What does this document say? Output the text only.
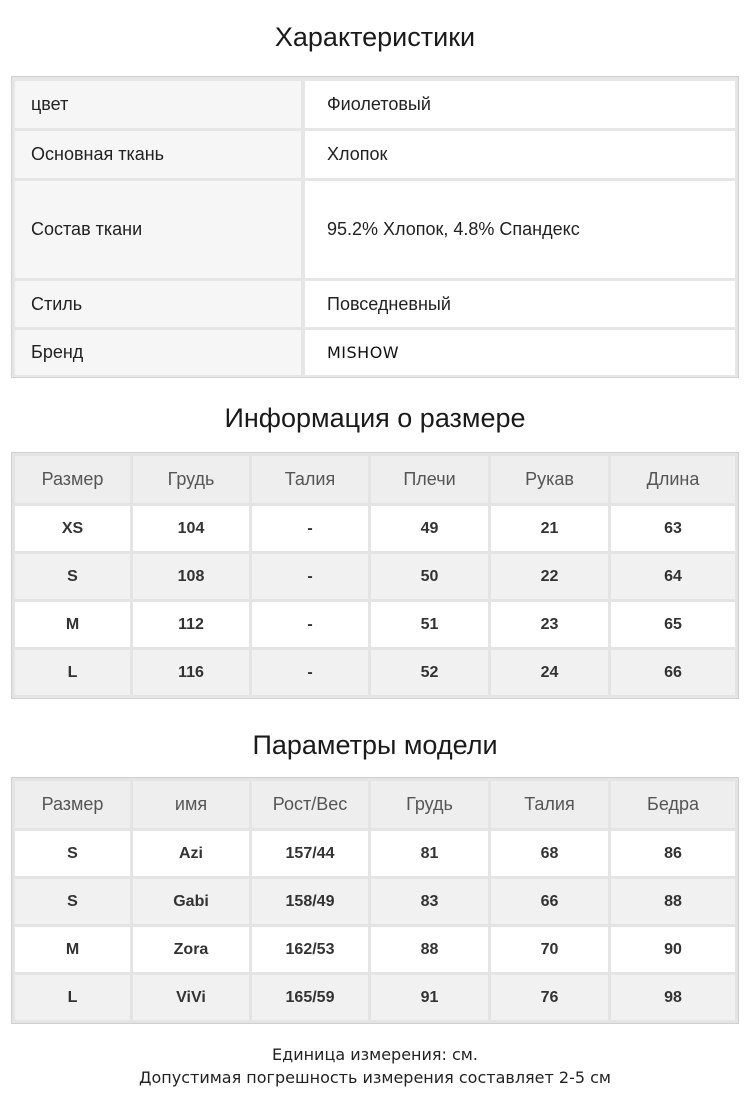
Характеристики
цвет	Фиолетовый
Основная ткань	Хлопок
Состав ткани	95.2% Хлопок, 4.8% Спандекс
Стиль	Повседневный
Бренд	MISHOW
Информация о размере
Размер	Грудь	Талия	Плечи	Рукав	Длина
XS	104	-	49	21	63
S	108	-	50	22	64
M	112	-	51	23	65
L	116	-	52	24	66
Параметры модели
Размер	имя	Рост/Вес	Грудь	Талия	Бедра
S	Azi	157/44	81	68	86
S	Gabi	158/49	83	66	88
M	Zora	162/53	88	70	90
L	ViVi	165/59	91	76	98
Единица измерения: см.
Допустимая погрешность измерения составляет 2-5 см
